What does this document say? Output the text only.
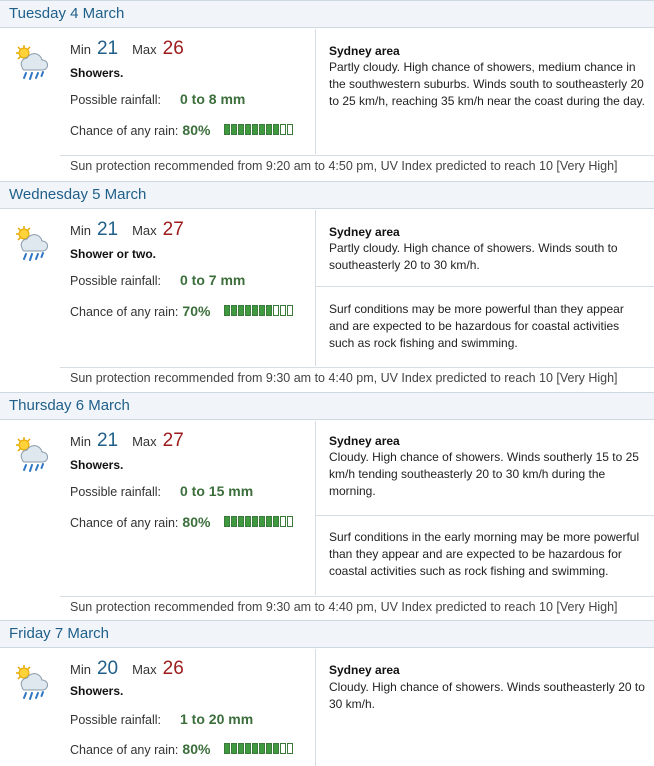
Tuesday 4 March
Min 21 Max 26
Showers.
Possible rainfall: 0 to 8 mm
Chance of any rain: 80%
Sydney area
Partly cloudy. High chance of showers, medium chance in the southwestern suburbs. Winds south to southeasterly 20 to 25 km/h, reaching 35 km/h near the coast during the day.
Sun protection recommended from 9:20 am to 4:50 pm, UV Index predicted to reach 10 [Very High]
Wednesday 5 March
Min 21 Max 27
Shower or two.
Possible rainfall: 0 to 7 mm
Chance of any rain: 70%
Sydney area
Partly cloudy. High chance of showers. Winds south to southeasterly 20 to 30 km/h.
Surf conditions may be more powerful than they appear and are expected to be hazardous for coastal activities such as rock fishing and swimming.
Sun protection recommended from 9:30 am to 4:40 pm, UV Index predicted to reach 10 [Very High]
Thursday 6 March
Min 21 Max 27
Showers.
Possible rainfall: 0 to 15 mm
Chance of any rain: 80%
Sydney area
Cloudy. High chance of showers. Winds southerly 15 to 25 km/h tending southeasterly 20 to 30 km/h during the morning.
Surf conditions in the early morning may be more powerful than they appear and are expected to be hazardous for coastal activities such as rock fishing and swimming.
Sun protection recommended from 9:30 am to 4:40 pm, UV Index predicted to reach 10 [Very High]
Friday 7 March
Min 20 Max 26
Showers.
Possible rainfall: 1 to 20 mm
Chance of any rain: 80%
Sydney area
Cloudy. High chance of showers. Winds southeasterly 20 to 30 km/h.
